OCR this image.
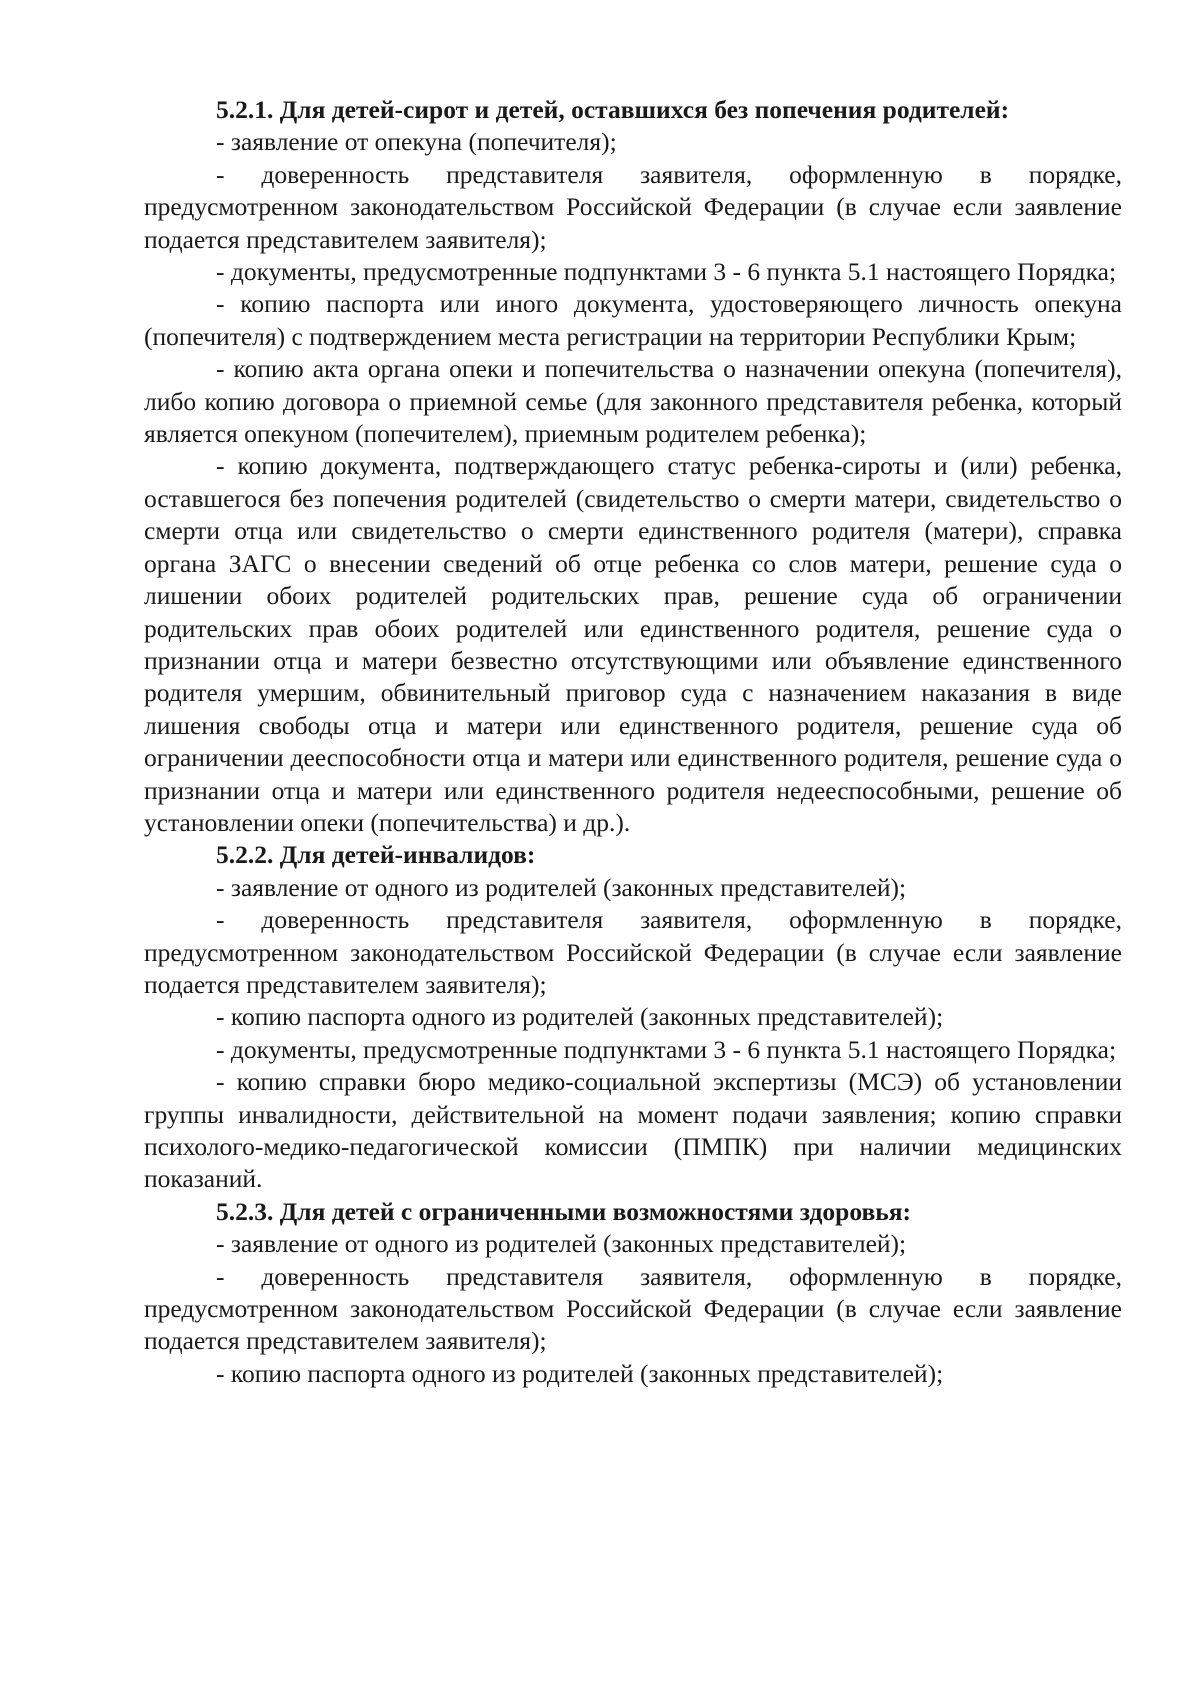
5.2.1. Для детей-сирот и детей, оставшихся без попечения родителей:

- заявление от опекуна (попечителя);

- доверенность представителя заявителя, оформленную в порядке, предусмотренном законодательством Российской Федерации (в случае если заявление подается представителем заявителя);

- документы, предусмотренные подпунктами 3 - 6 пункта 5.1 настоящего Порядка;

- копию паспорта или иного документа, удостоверяющего личность опекуна (попечителя) с подтверждением места регистрации на территории Республики Крым;

- копию акта органа опеки и попечительства о назначении опекуна (попечителя), либо копию договора о приемной семье (для законного представителя ребенка, который является опекуном (попечителем), приемным родителем ребенка);

- копию документа, подтверждающего статус ребенка-сироты и (или) ребенка, оставшегося без попечения родителей (свидетельство о смерти матери, свидетельство о смерти отца или свидетельство о смерти единственного родителя (матери), справка органа ЗАГС о внесении сведений об отце ребенка со слов матери, решение суда о лишении обоих родителей родительских прав, решение суда об ограничении родительских прав обоих родителей или единственного родителя, решение суда о признании отца и матери безвестно отсутствующими или объявление единственного родителя умершим, обвинительный приговор суда с назначением наказания в виде лишения свободы отца и матери или единственного родителя, решение суда об ограничении дееспособности отца и матери или единственного родителя, решение суда о признании отца и матери или единственного родителя недееспособными, решение об установлении опеки (попечительства) и др.).

5.2.2. Для детей-инвалидов:

- заявление от одного из родителей (законных представителей);

- доверенность представителя заявителя, оформленную в порядке, предусмотренном законодательством Российской Федерации (в случае если заявление подается представителем заявителя);

- копию паспорта одного из родителей (законных представителей);

- документы, предусмотренные подпунктами 3 - 6 пункта 5.1 настоящего Порядка;

- копию справки бюро медико-социальной экспертизы (МСЭ) об установлении группы инвалидности, действительной на момент подачи заявления; копию справки психолого-медико-педагогической комиссии (ПМПК) при наличии медицинских показаний.

5.2.3. Для детей с ограниченными возможностями здоровья:

- заявление от одного из родителей (законных представителей);

- доверенность представителя заявителя, оформленную в порядке, предусмотренном законодательством Российской Федерации (в случае если заявление подается представителем заявителя);

- копию паспорта одного из родителей (законных представителей);
